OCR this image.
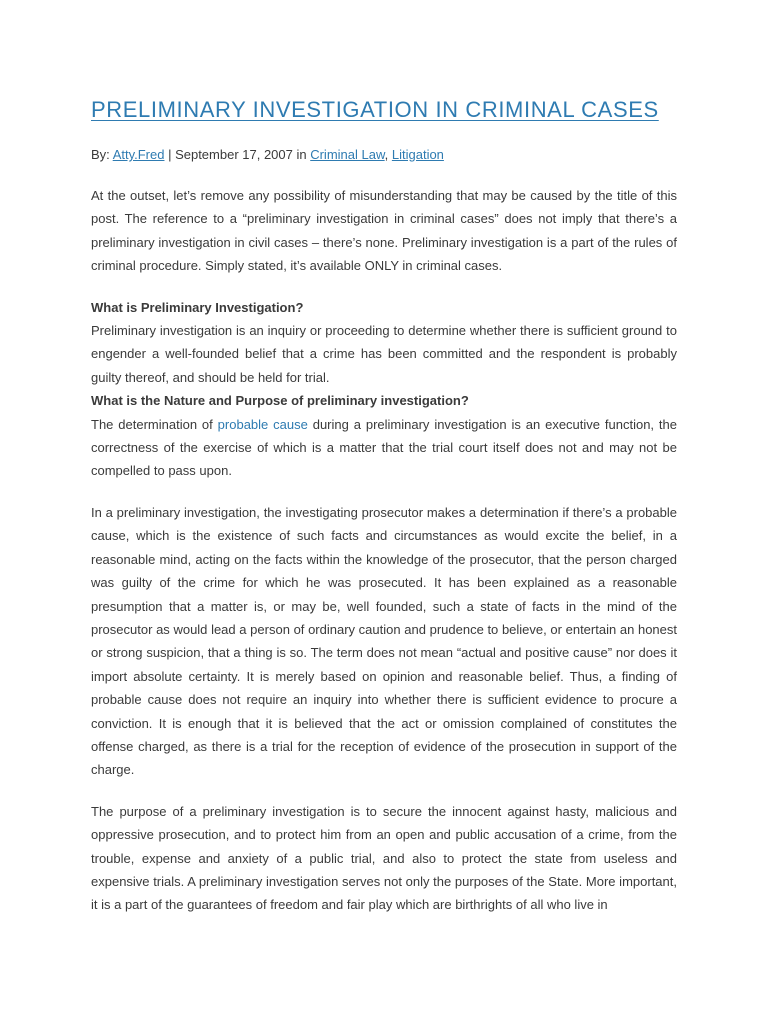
PRELIMINARY INVESTIGATION IN CRIMINAL CASES

By: Atty.Fred | September 17, 2007 in Criminal Law, Litigation

At the outset, let’s remove any possibility of misunderstanding that may be caused by the title of this post. The reference to a “preliminary investigation in criminal cases” does not imply that there’s a preliminary investigation in civil cases – there’s none. Preliminary investigation is a part of the rules of criminal procedure. Simply stated, it’s available ONLY in criminal cases.

What is Preliminary Investigation?

Preliminary investigation is an inquiry or proceeding to determine whether there is sufficient ground to engender a well-founded belief that a crime has been committed and the respondent is probably guilty thereof, and should be held for trial.

What is the Nature and Purpose of preliminary investigation?

The determination of probable cause during a preliminary investigation is an executive function, the correctness of the exercise of which is a matter that the trial court itself does not and may not be compelled to pass upon.

In a preliminary investigation, the investigating prosecutor makes a determination if there’s a probable cause, which is the existence of such facts and circumstances as would excite the belief, in a reasonable mind, acting on the facts within the knowledge of the prosecutor, that the person charged was guilty of the crime for which he was prosecuted. It has been explained as a reasonable presumption that a matter is, or may be, well founded, such a state of facts in the mind of the prosecutor as would lead a person of ordinary caution and prudence to believe, or entertain an honest or strong suspicion, that a thing is so. The term does not mean “actual and positive cause” nor does it import absolute certainty. It is merely based on opinion and reasonable belief. Thus, a finding of probable cause does not require an inquiry into whether there is sufficient evidence to procure a conviction. It is enough that it is believed that the act or omission complained of constitutes the offense charged, as there is a trial for the reception of evidence of the prosecution in support of the charge.

The purpose of a preliminary investigation is to secure the innocent against hasty, malicious and oppressive prosecution, and to protect him from an open and public accusation of a crime, from the trouble, expense and anxiety of a public trial, and also to protect the state from useless and expensive trials. A preliminary investigation serves not only the purposes of the State. More important, it is a part of the guarantees of freedom and fair play which are birthrights of all who live in
